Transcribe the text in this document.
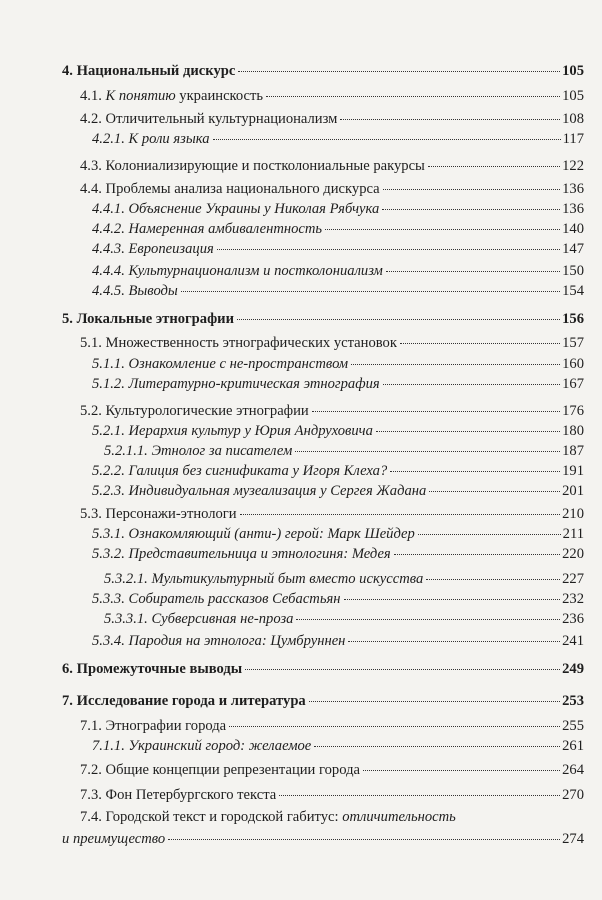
4. Национальный дискурс	105
4.1. К понятию украинскость	105
4.2. Отличительный культурнационализм	108
4.2.1. К роли языка	117
4.3. Колониализирующие и постколониальные ракурсы	122
4.4. Проблемы анализа национального дискурса	136
4.4.1. Объяснение Украины у Николая Рябчука	136
4.4.2. Намеренная амбивалентность	140
4.4.3. Европеизация	147
4.4.4. Культурнационализм и постколониализм	150
4.4.5. Выводы	154
5. Локальные этнографии	156
5.1. Множественность этнографических установок	157
5.1.1. Ознакомление с не-пространством	160
5.1.2. Литературно-критическая этнография	167
5.2. Культурологические этнографии	176
5.2.1. Иерархия культур у Юрия Андруховича	180
5.2.1.1. Этнолог за писателем	187
5.2.2. Галиция без сигнификата у Игоря Клеха?	191
5.2.3. Индивидуальная музеализация у Сергея Жадана	201
5.3. Персонажи-этнологи	210
5.3.1. Ознакомляющий (анти-) герой: Марк Шейдер	211
5.3.2. Представительница и этнологиня: Медея	220
5.3.2.1. Мультикультурный быт вместо искусства	227
5.3.3. Собиратель рассказов Себастьян	232
5.3.3.1. Субверсивная не-проза	236
5.3.4. Пародия на этнолога: Цумбруннен	241
6. Промежуточные выводы	249
7. Исследование города и литература	253
7.1. Этнографии города	255
7.1.1. Украинский город: желаемое	261
7.2. Общие концепции репрезентации города	264
7.3. Фон Петербургского текста	270
7.4. Городской текст и городской габитус: отличительность
и преимущество	274
